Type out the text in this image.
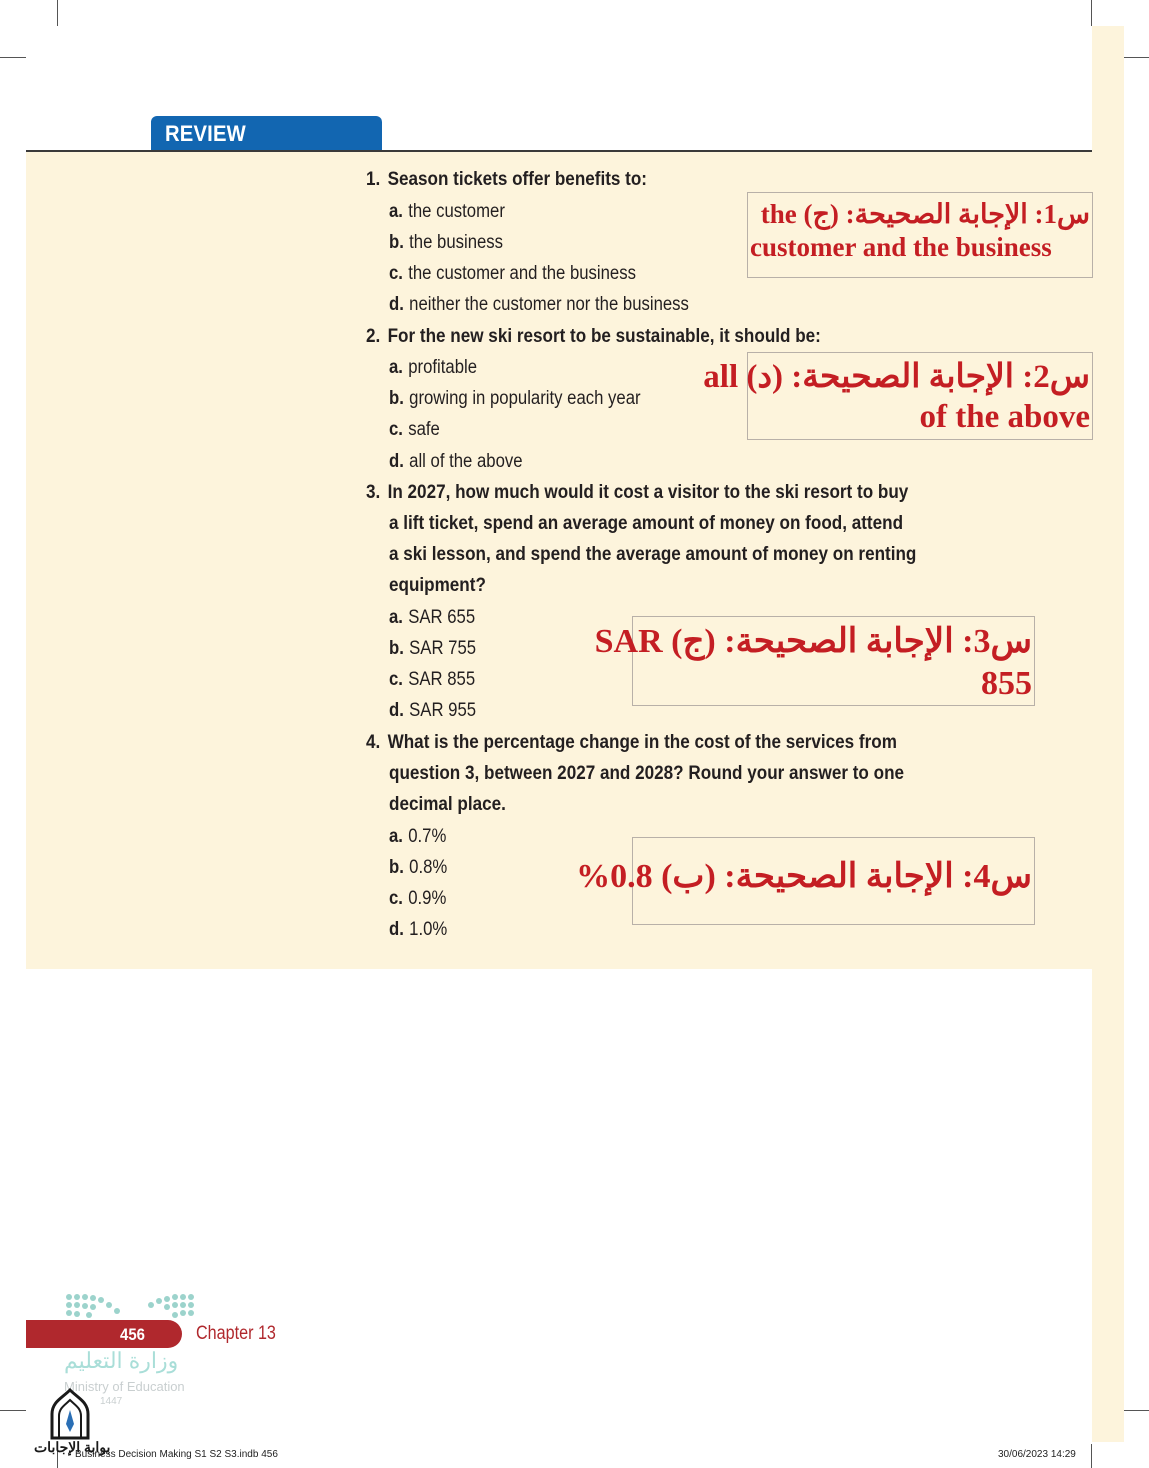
REVIEW
1. Season tickets offer benefits to:
a. the customer
b. the business
c. the customer and the business
d. neither the customer nor the business
س1: الإجابة الصحيحة: (ج) the
customer and the business
2. For the new ski resort to be sustainable, it should be:
a. profitable
b. growing in popularity each year
c. safe
d. all of the above
س2: الإجابة الصحيحة: (د) all
of the above
3. In 2027, how much would it cost a visitor to the ski resort to buy
a lift ticket, spend an average amount of money on food, attend
a ski lesson, and spend the average amount of money on renting
equipment?
a. SAR 655
b. SAR 755
c. SAR 855
d. SAR 955
س3: الإجابة الصحيحة: (ج) SAR
855
4. What is the percentage change in the cost of the services from
question 3, between 2027 and 2028? Round your answer to one
decimal place.
a. 0.7%
b. 0.8%
c. 0.9%
d. 1.0%
س4: الإجابة الصحيحة: (ب) 0.8%
456	Chapter 13
وزارة التعليم
Ministry of Education
1447
بوابة الإجابات
Business Decision Making S1 S2 S3.indb 456	30/06/2023 14:29
